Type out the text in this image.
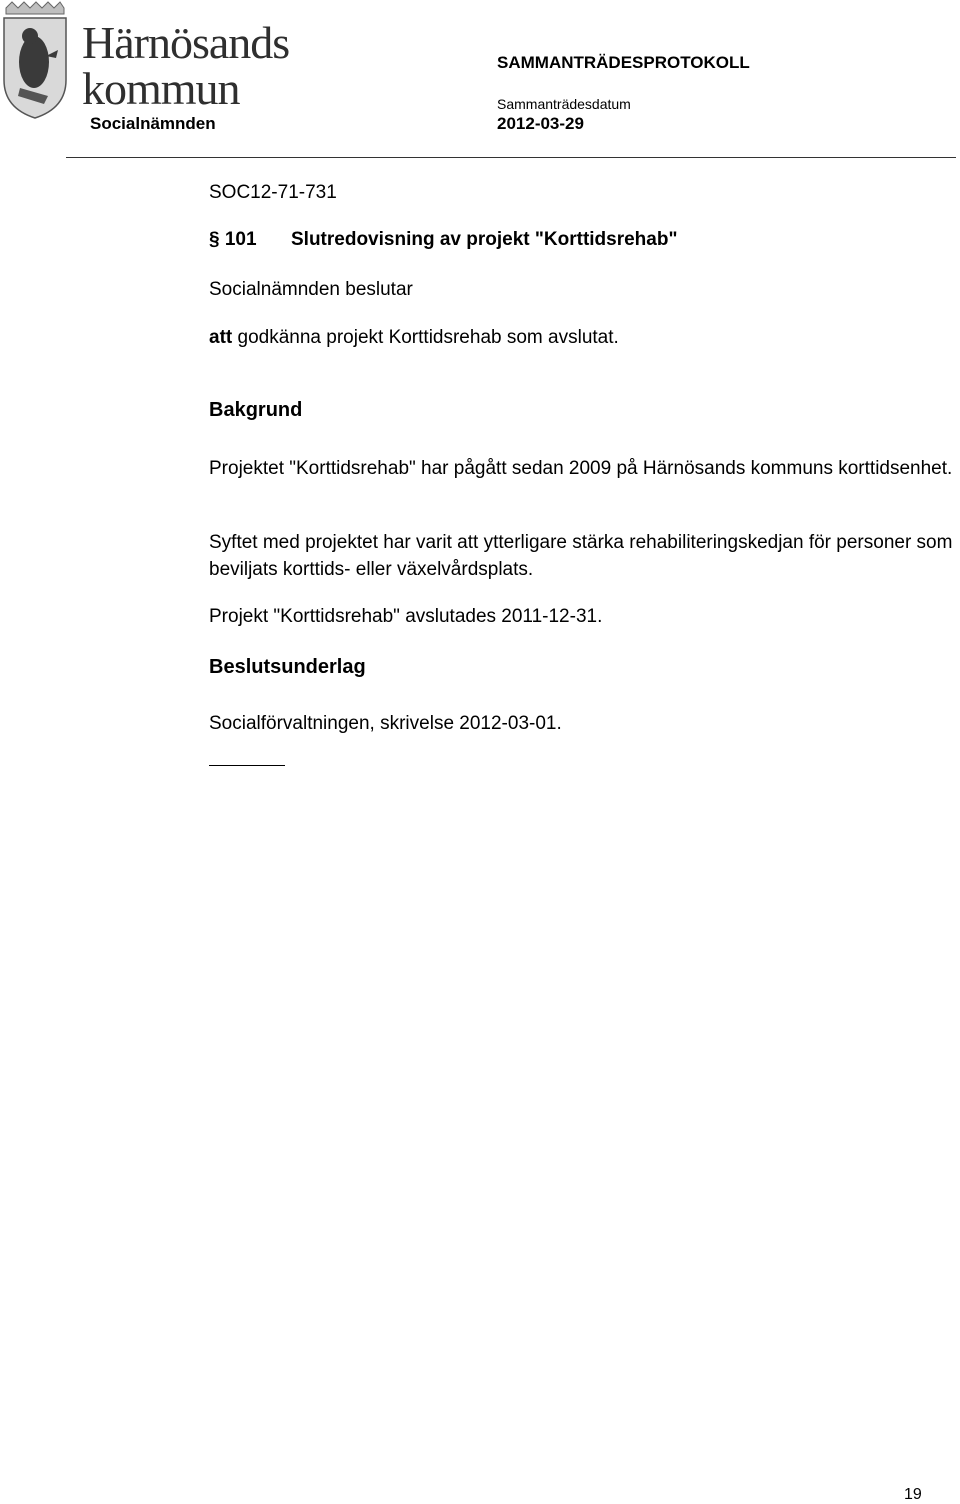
Härnösands
kommun
Socialnämnden
SAMMANTRÄDESPROTOKOLL
Sammanträdesdatum
2012-03-29
SOC12-71-731
§ 101 Slutredovisning av projekt "Korttidsrehab"
Socialnämnden beslutar
att godkänna projekt Korttidsrehab som avslutat.
Bakgrund

Projektet "Korttidsrehab" har pågått sedan 2009 på Härnösands kommuns korttidsenhet.

Syftet med projektet har varit att ytterligare stärka rehabiliteringskedjan för personer som beviljats korttids- eller växelvårdsplats.

Projekt "Korttidsrehab" avslutades 2011-12-31.

Beslutsunderlag

Socialförvaltningen, skrivelse 2012-03-01.

19
